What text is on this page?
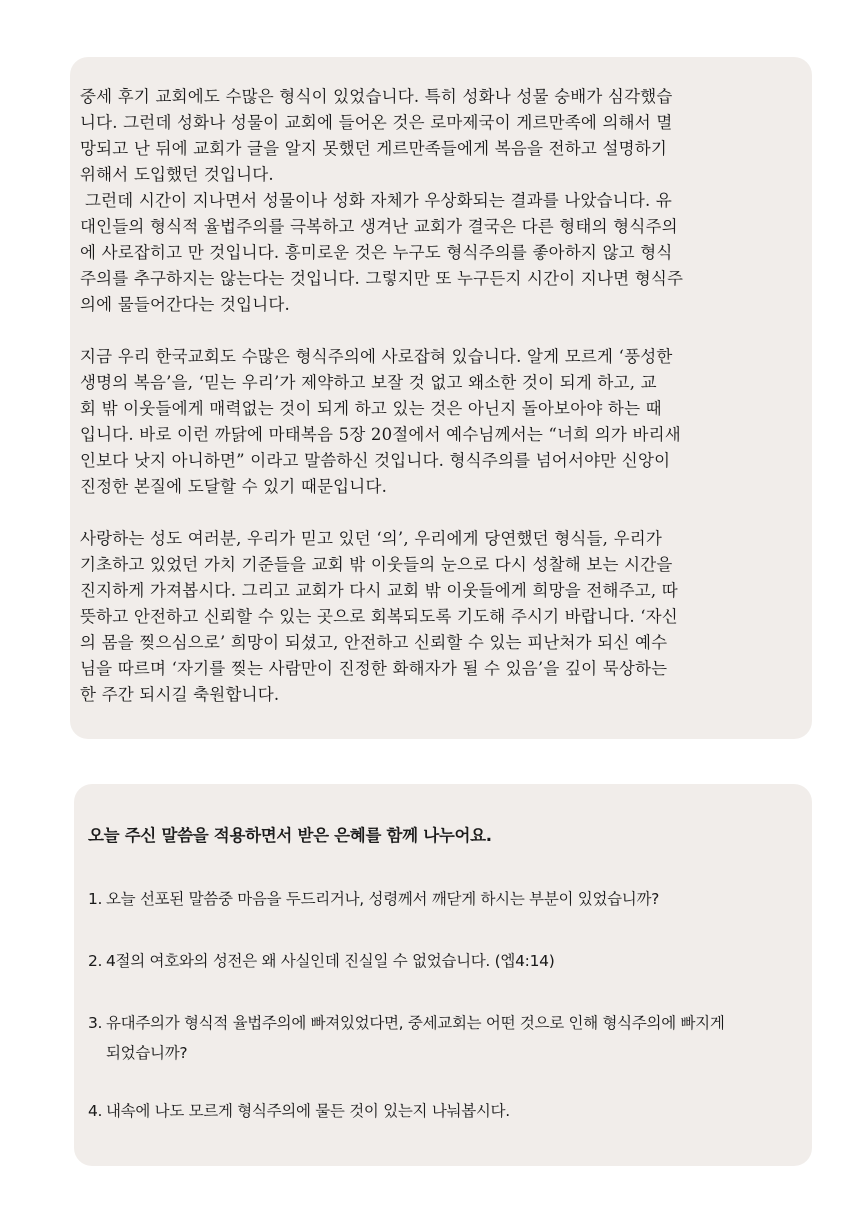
중세 후기 교회에도 수많은 형식이 있었습니다. 특히 성화나 성물 숭배가 심각했습
니다. 그런데 성화나 성물이 교회에 들어온 것은 로마제국이 게르만족에 의해서 멸
망되고 난 뒤에 교회가 글을 알지 못했던 게르만족들에게 복음을 전하고 설명하기
위해서 도입했던 것입니다.
그런데 시간이 지나면서 성물이나 성화 자체가 우상화되는 결과를 나았습니다. 유
대인들의 형식적 율법주의를 극복하고 생겨난 교회가 결국은 다른 형태의 형식주의
에 사로잡히고 만 것입니다. 흥미로운 것은 누구도 형식주의를 좋아하지 않고 형식
주의를 추구하지는 않는다는 것입니다. 그렇지만 또 누구든지 시간이 지나면 형식주
의에 물들어간다는 것입니다.

지금 우리 한국교회도 수많은 형식주의에 사로잡혀 있습니다. 알게 모르게 ‘풍성한
생명의 복음’을, ‘믿는 우리’가 제약하고 보잘 것 없고 왜소한 것이 되게 하고, 교
회 밖 이웃들에게 매력없는 것이 되게 하고 있는 것은 아닌지 돌아보아야 하는 때
입니다. 바로 이런 까닭에 마태복음 5장 20절에서 예수님께서는 “너희 의가 바리새
인보다 낫지 아니하면” 이라고 말씀하신 것입니다. 형식주의를 넘어서야만 신앙이
진정한 본질에 도달할 수 있기 때문입니다.

사랑하는 성도 여러분, 우리가 믿고 있던 ‘의’, 우리에게 당연했던 형식들, 우리가
기초하고 있었던 가치 기준들을 교회 밖 이웃들의 눈으로 다시 성찰해 보는 시간을
진지하게 가져봅시다. 그리고 교회가 다시 교회 밖 이웃들에게 희망을 전해주고, 따
뜻하고 안전하고 신뢰할 수 있는 곳으로 회복되도록 기도해 주시기 바랍니다. ‘자신
의 몸을 찢으심으로’ 희망이 되셨고, 안전하고 신뢰할 수 있는 피난처가 되신 예수
님을 따르며 ‘자기를 찢는 사람만이 진정한 화해자가 될 수 있음’을 깊이 묵상하는
한 주간 되시길 축원합니다.

오늘 주신 말씀을 적용하면서 받은 은혜를 함께 나누어요.
1. 오늘 선포된 말씀중 마음을 두드리거나, 성령께서 깨닫게 하시는 부분이 있었습니까?
2. 4절의 여호와의 성전은 왜 사실인데 진실일 수 없었습니다. (엡4:14)
3. 유대주의가 형식적 율법주의에 빠져있었다면, 중세교회는 어떤 것으로 인해 형식주의에 빠지게
되었습니까?
4. 내속에 나도 모르게 형식주의에 물든 것이 있는지 나눠봅시다.
